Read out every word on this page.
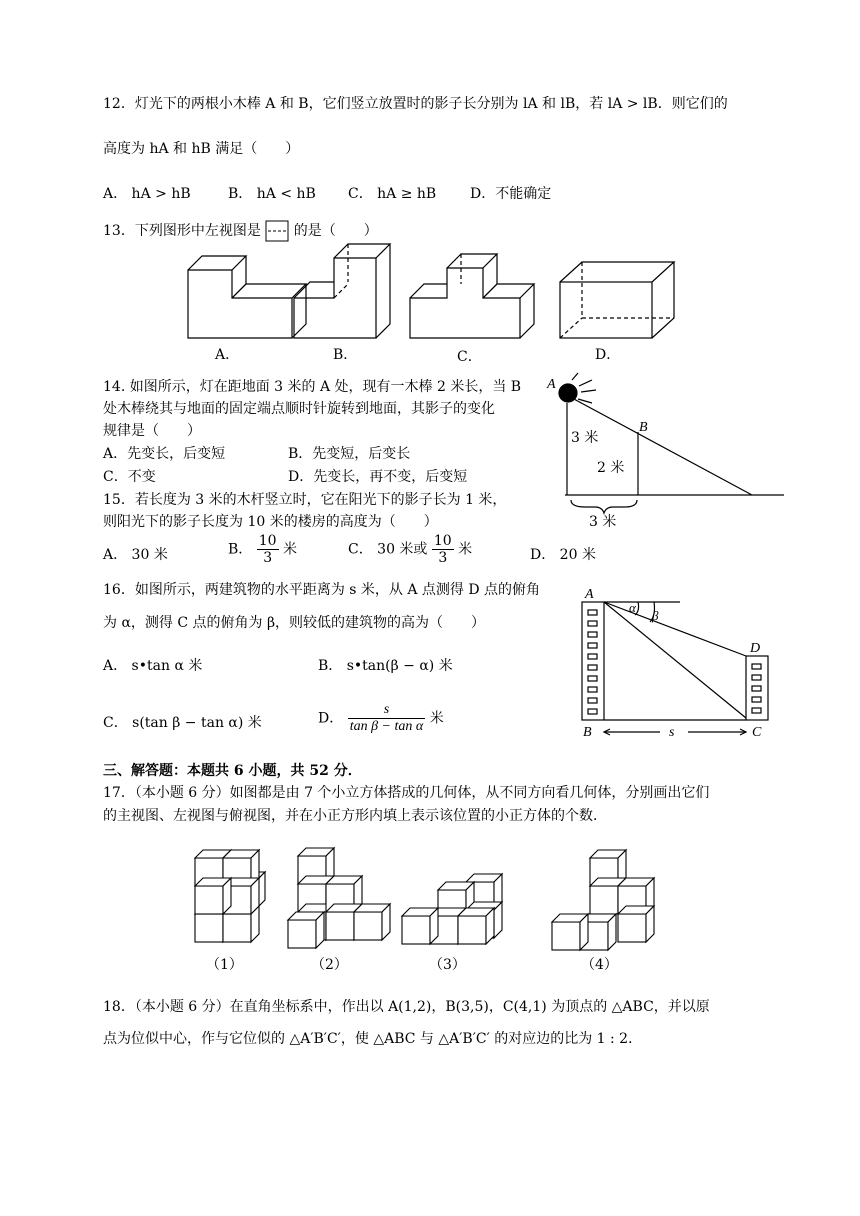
12．灯光下的两根小木棒 A 和 B，它们竖立放置时的影子长分别为 lA 和 lB，若 lA > lB．则它们的
高度为 hA 和 hB 满足（　　）
A． hA > hB	B． hA < hB C． hA ≥ hB D．不能确定
13．下列图形中左视图是 的是（　　）
A．	B．	C．	D．
14. 如图所示，灯在距地面 3 米的 A 处，现有一木棒 2 米长，当 B
处木棒绕其与地面的固定端点顺时针旋转到地面，其影子的变化
规律是（　　）
A．先变长，后变短	B．先变短，后变长
C．不变	D．先变长，再不变，后变短
A
B
3 米
2 米
3 米
15．若长度为 3 米的木杆竖立时，它在阳光下的影子长为 1 米，
则阳光下的影子长度为 10 米的楼房的高度为（　　）
A． 30 米	B． $\frac{10}{3}$ 米	C． 30 米或 $\frac{10}{3}$ 米	D． 20 米
16．如图所示，两建筑物的水平距离为 s 米，从 A 点测得 D 点的俯角
为 α，测得 C 点的俯角为 β，则较低的建筑物的高为（　　）
A． s•tan α 米	B． s•tan(β − α) 米
C． s(tan β − tan α) 米	D． $\frac{s}{\text{tan β − tan α}}$ 米
A
B	C
D
s
α
β
三、解答题：本题共 6 小题，共 52 分．
17．（本小题 6 分）如图都是由 7 个小立方体搭成的几何体，从不同方向看几何体，分别画出它们
的主视图、左视图与俯视图，并在小正方形内填上表示该位置的小正方体的个数．
（1）	（2）	（3）	（4）
18．（本小题 6 分）在直角坐标系中，作出以 A(1,2)，B(3,5)，C(4,1) 为顶点的 △ABC，并以原
点为位似中心，作与它位似的 △A′B′C′，使 △ABC 与 △A′B′C′ 的对应边的比为 1 : 2．
